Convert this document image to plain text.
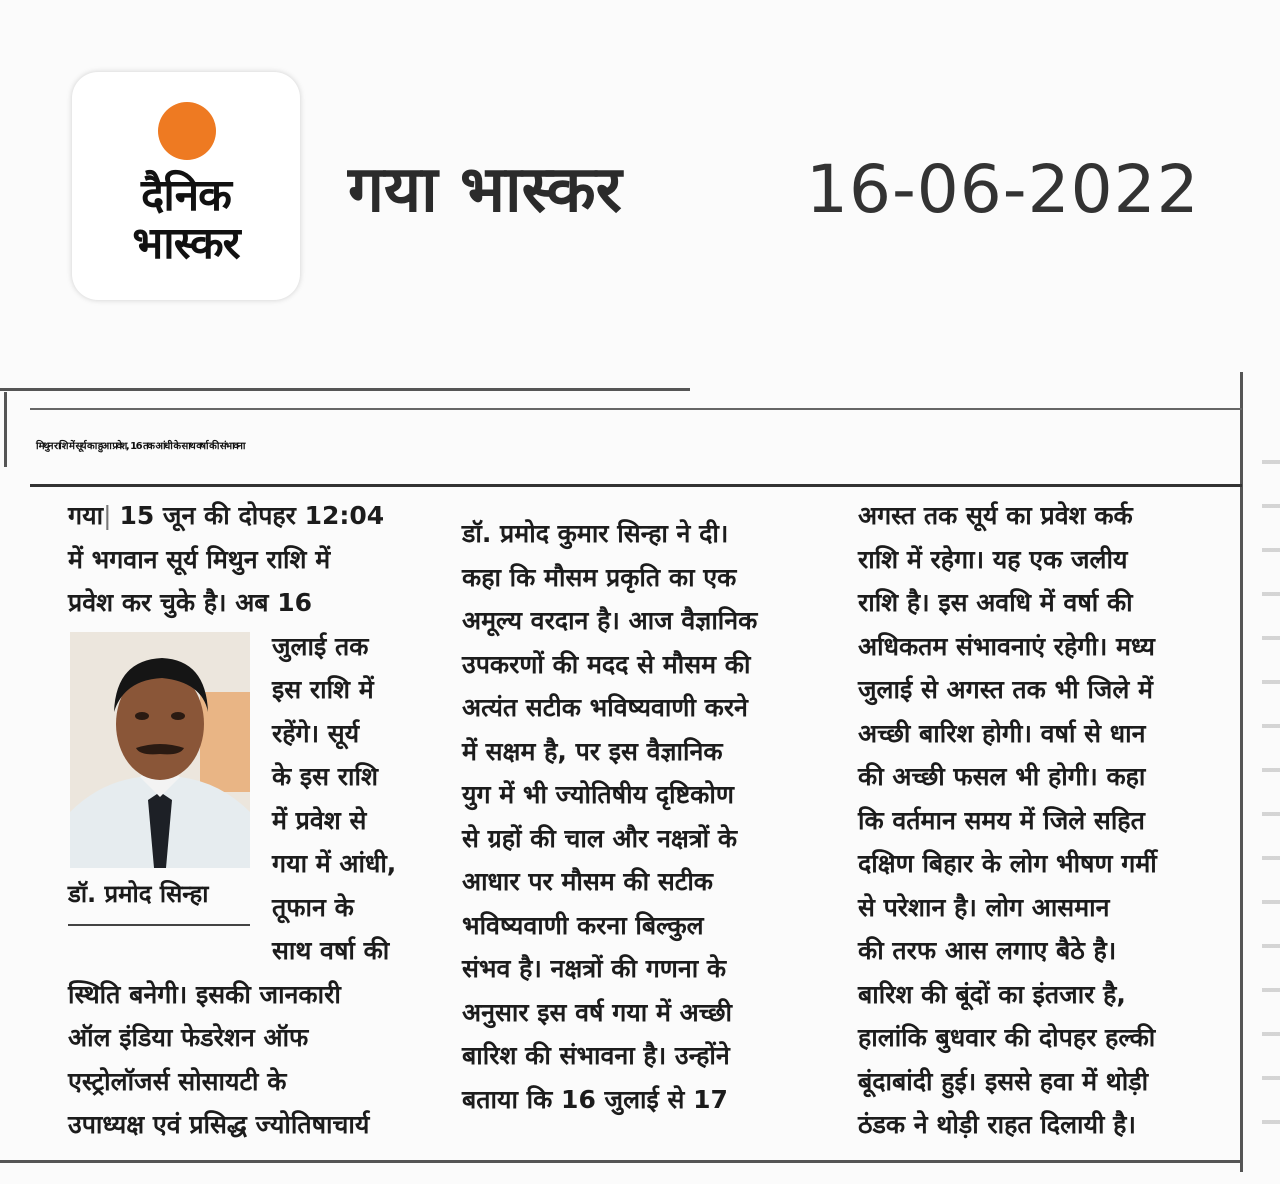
दैनिक
भास्कर
गया भास्कर	16-06-2022
मिथुन राशि में सूर्य का हुआ प्रवेश, 16 तक आंधी के साथ वर्षा की संभावना
डॉ. प्रमोद सिन्हा
गया| 15 जून की दोपहर 12:04
में भगवान सूर्य मिथुन राशि में
प्रवेश कर चुके है। अब 16
जुलाई तक
इस राशि में
रहेंगे। सूर्य
के इस राशि
में प्रवेश से
गया में आंधी,
तूफान के
साथ वर्षा की
स्थिति बनेगी। इसकी जानकारी
ऑल इंडिया फेडरेशन ऑफ
एस्ट्रोलॉजर्स सोसायटी के
उपाध्यक्ष एवं प्रसिद्ध ज्योतिषाचार्य
डॉ. प्रमोद कुमार सिन्हा ने दी।
कहा कि मौसम प्रकृति का एक
अमूल्य वरदान है। आज वैज्ञानिक
उपकरणों की मदद से मौसम की
अत्यंत सटीक भविष्यवाणी करने
में सक्षम है, पर इस वैज्ञानिक
युग में भी ज्योतिषीय दृष्टिकोण
से ग्रहों की चाल और नक्षत्रों के
आधार पर मौसम की सटीक
भविष्यवाणी करना बिल्कुल
संभव है। नक्षत्रों की गणना के
अनुसार इस वर्ष गया में अच्छी
बारिश की संभावना है। उन्होंने
बताया कि 16 जुलाई से 17
अगस्त तक सूर्य का प्रवेश कर्क
राशि में रहेगा। यह एक जलीय
राशि है। इस अवधि में वर्षा की
अधिकतम संभावनाएं रहेगी। मध्य
जुलाई से अगस्त तक भी जिले में
अच्छी बारिश होगी। वर्षा से धान
की अच्छी फसल भी होगी। कहा
कि वर्तमान समय में जिले सहित
दक्षिण बिहार के लोग भीषण गर्मी
से परेशान है। लोग आसमान
की तरफ आस लगाए बैठे है।
बारिश की बूंदों का इंतजार है,
हालांकि बुधवार की दोपहर हल्की
बूंदाबांदी हुई। इससे हवा में थोड़ी
ठंडक ने थोड़ी राहत दिलायी है।
